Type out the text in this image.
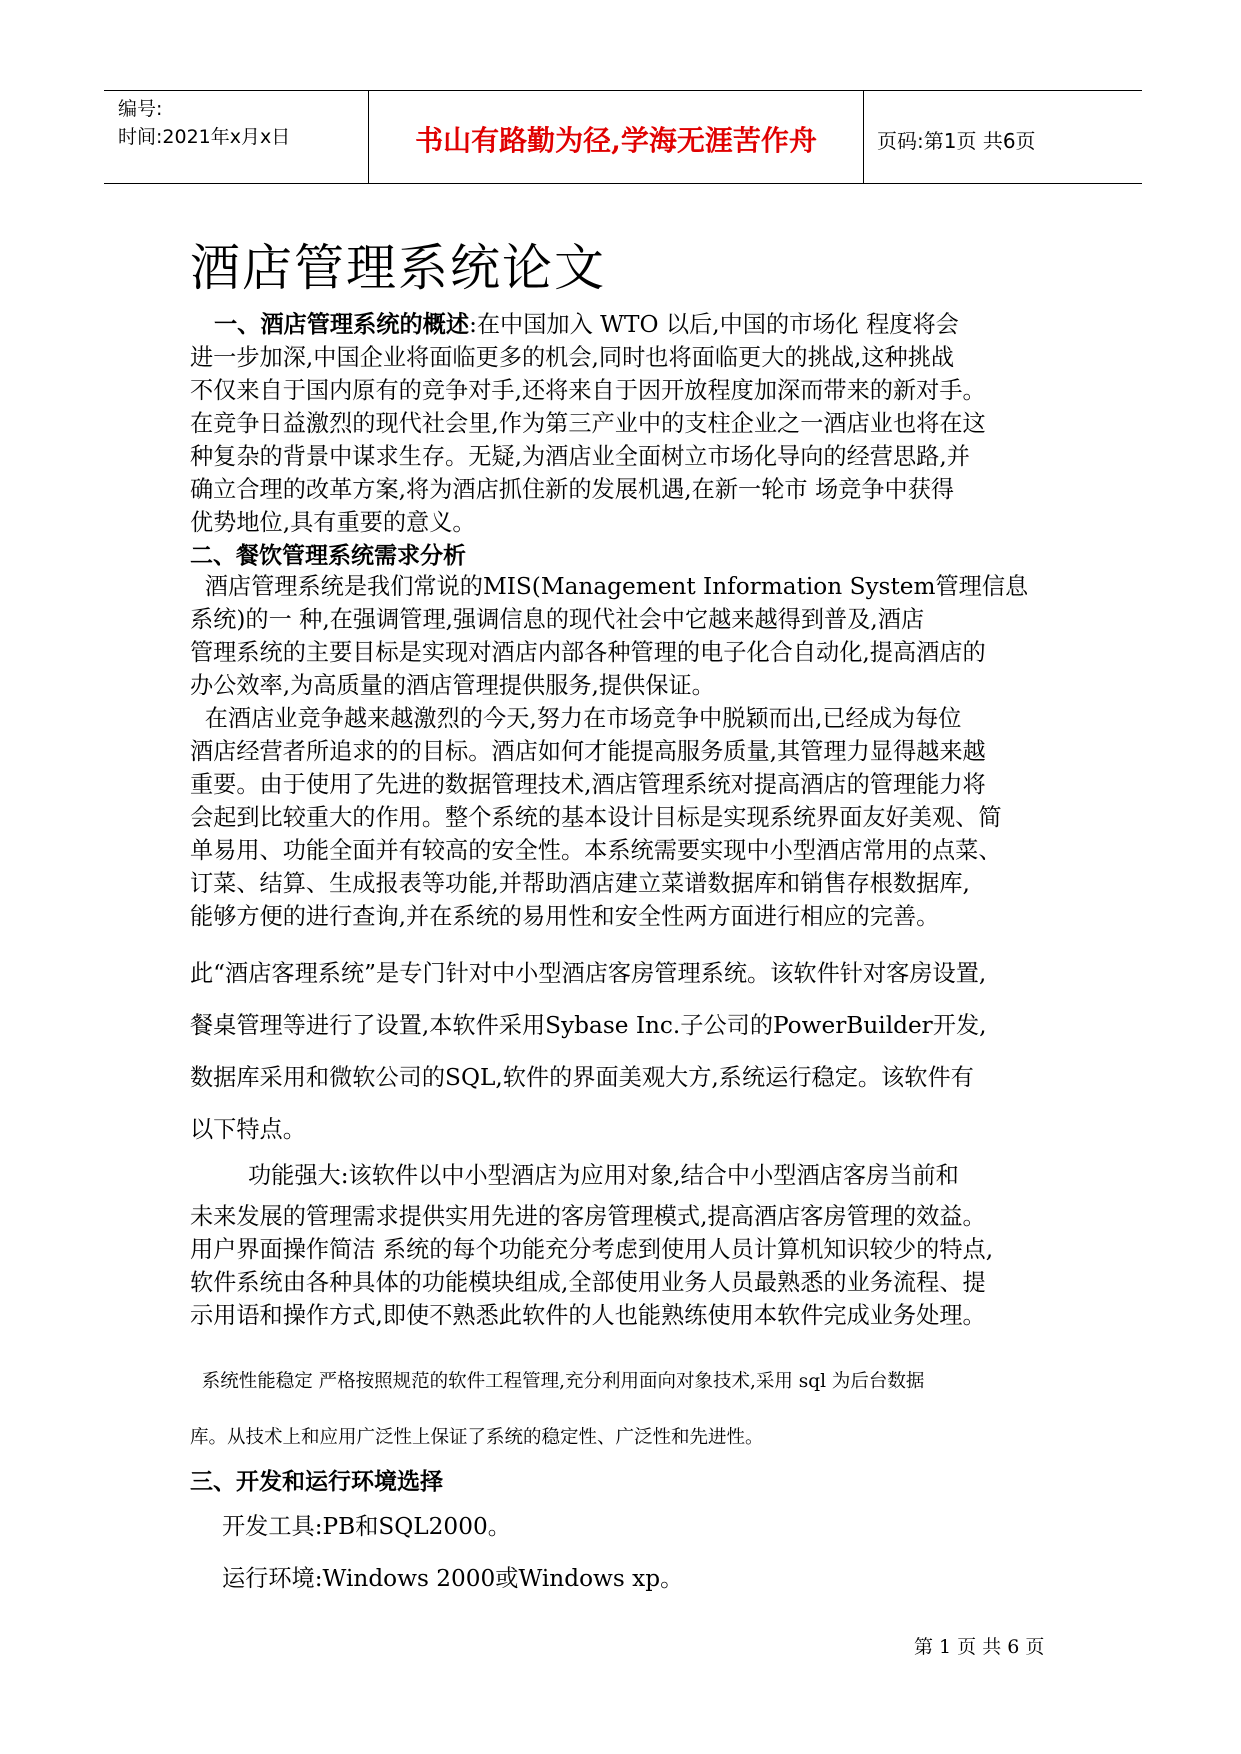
编号:
时间:2021年x月x日	书山有路勤为径,学海无涯苦作舟	页码:第1页 共6页
酒店管理系统论文
一、酒店管理系统的概述:在中国加入 WTO 以后,中国的市场化 程度将会
进一步加深,中国企业将面临更多的机会,同时也将面临更大的挑战,这种挑战
不仅来自于国内原有的竞争对手,还将来自于因开放程度加深而带来的新对手。
在竞争日益激烈的现代社会里,作为第三产业中的支柱企业之一酒店业也将在这
种复杂的背景中谋求生存。无疑,为酒店业全面树立市场化导向的经营思路,并
确立合理的改革方案,将为酒店抓住新的发展机遇,在新一轮市 场竞争中获得
优势地位,具有重要的意义。
二、餐饮管理系统需求分析
酒店管理系统是我们常说的MIS(Management Information System管理信息
系统)的一 种,在强调管理,强调信息的现代社会中它越来越得到普及,酒店
管理系统的主要目标是实现对酒店内部各种管理的电子化合自动化,提高酒店的
办公效率,为高质量的酒店管理提供服务,提供保证。
在酒店业竞争越来越激烈的今天,努力在市场竞争中脱颖而出,已经成为每位
酒店经营者所追求的的目标。酒店如何才能提高服务质量,其管理力显得越来越
重要。由于使用了先进的数据管理技术,酒店管理系统对提高酒店的管理能力将
会起到比较重大的作用。整个系统的基本设计目标是实现系统界面友好美观、简
单易用、功能全面并有较高的安全性。本系统需要实现中小型酒店常用的点菜、
订菜、结算、生成报表等功能,并帮助酒店建立菜谱数据库和销售存根数据库,
能够方便的进行查询,并在系统的易用性和安全性两方面进行相应的完善。
此“酒店客理系统”是专门针对中小型酒店客房管理系统。该软件针对客房设置,
餐桌管理等进行了设置,本软件采用Sybase Inc.子公司的PowerBuilder开发,
数据库采用和微软公司的SQL,软件的界面美观大方,系统运行稳定。该软件有
以下特点。
功能强大:该软件以中小型酒店为应用对象,结合中小型酒店客房当前和
未来发展的管理需求提供实用先进的客房管理模式,提高酒店客房管理的效益。
用户界面操作简洁 系统的每个功能充分考虑到使用人员计算机知识较少的特点,
软件系统由各种具体的功能模块组成,全部使用业务人员最熟悉的业务流程、提
示用语和操作方式,即使不熟悉此软件的人也能熟练使用本软件完成业务处理。
系统性能稳定 严格按照规范的软件工程管理,充分利用面向对象技术,采用 sql 为后台数据
库。从技术上和应用广泛性上保证了系统的稳定性、广泛性和先进性。
三、开发和运行环境选择
开发工具:PB和SQL2000。
运行环境:Windows 2000或Windows xp。
第 1 页 共 6 页
